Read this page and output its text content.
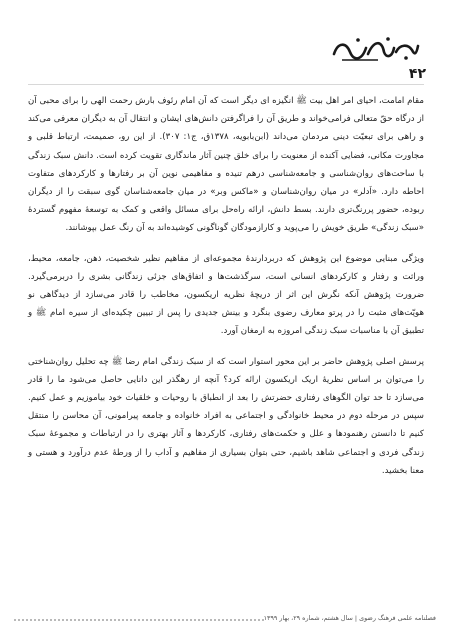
۴۲

مقام امامت، احیای امر اهل بیت ﷺ انگیزه ای دیگر است که آن امام رئوف بارش رحمت الهی را برای محبی آن از درگاه حقّ متعالی فرامی‌خواند و طریق آن را فراگرفتن دانش‌های ایشان و انتقال آن به دیگران معرفی می‌کند و راهی برای تبعیّت دینی مردمان می‌داند (ابن‌بابویه، ۱۳۷۸ق، ج۱: ۳۰۷). از این رو، صمیمت، ارتباط قلبی و مجاورت مکانی، فضایی آکنده از معنویت را برای خلق چنین آثار ماندگاری تقویت کرده است. دانش سبک زندگی با ساحت‌های روان‌شناسی و جامعه‌شناسی درهم تنیده و مفاهیمی نوین آن بر رفتارها و کارکردهای متفاوت احاطه دارد. «اَدلر» در میان روان‌شناسان و «ماکس وبر» در میان جامعه‌شناسان گوی سبقت را از دیگران ربوده، حضور پررنگ‌تری دارند. بسط دانش، ارائه راه‌حل برای مسائل واقعی و کمک به توسعهٔ مفهوم گستردهٔ «سبک زندگی» طریق خویش را می‌پوید و کارازمودگان گوناگونی کوشیده‌اند به آن رنگ عمل بپوشانند.

ویژگی مبنایی موضوع این پژوهش که دربردارندهٔ مجموعه‌ای از مفاهیم نظیر شخصیت، ذهن، جامعه، محیط، وراثت و رفتار و کارکردهای انسانی است، سرگذشت‌ها و اتفاق‌های جزئی زندگانی بشری را دربرمی‌گیرد. ضرورت پژوهش آنکه نگرش این اثر از دریچهٔ نظریه اریکسون، مخاطب را قادر می‌سازد از دیدگاهی نو هویّت‌های مثبت را در پرتو معارف رضوی بنگرد و بینش جدیدی را پس از تبیین چکیده‌ای از سیره امام ﷺ و تطبیق آن با مناسبات سبک زندگی امروزه به ارمغان آورد.

پرسش اصلی پژوهش حاضر بر این محور استوار است که از سبک زندگی امام رضا ﷺ چه تحلیل روان‌شناختی را می‌توان بر اساس نظریهٔ اریک اریکسون ارائه کرد؟ آنچه از رهگذر این دانایی حاصل می‌شود ما را قادر می‌سازد تا حد توان الگوهای رفتاری حضرتش را بعد از انطباق با روحیات و خلقیات خود بیاموزیم و عمل کنیم. سپس در مرحله دوم در محیط خانوادگی و اجتماعی به افراد خانواده و جامعه پیرامونی، آن محاسن را منتقل کنیم تا دانستن رهنمودها و علل و حکمت‌های رفتاری، کارکردها و آثار بهتری را در ارتباطات و مجموعهٔ سبک زندگی فردی و اجتماعی شاهد باشیم، حتی بتوان بسیاری از مفاهیم و آداب را از ورطهٔ عدم درآورد و هستی و معنا بخشید.

فصلنامه علمی فرهنگ رضوی | سال هشتم، شماره ۲۹، بهار ۱۳۹۹
